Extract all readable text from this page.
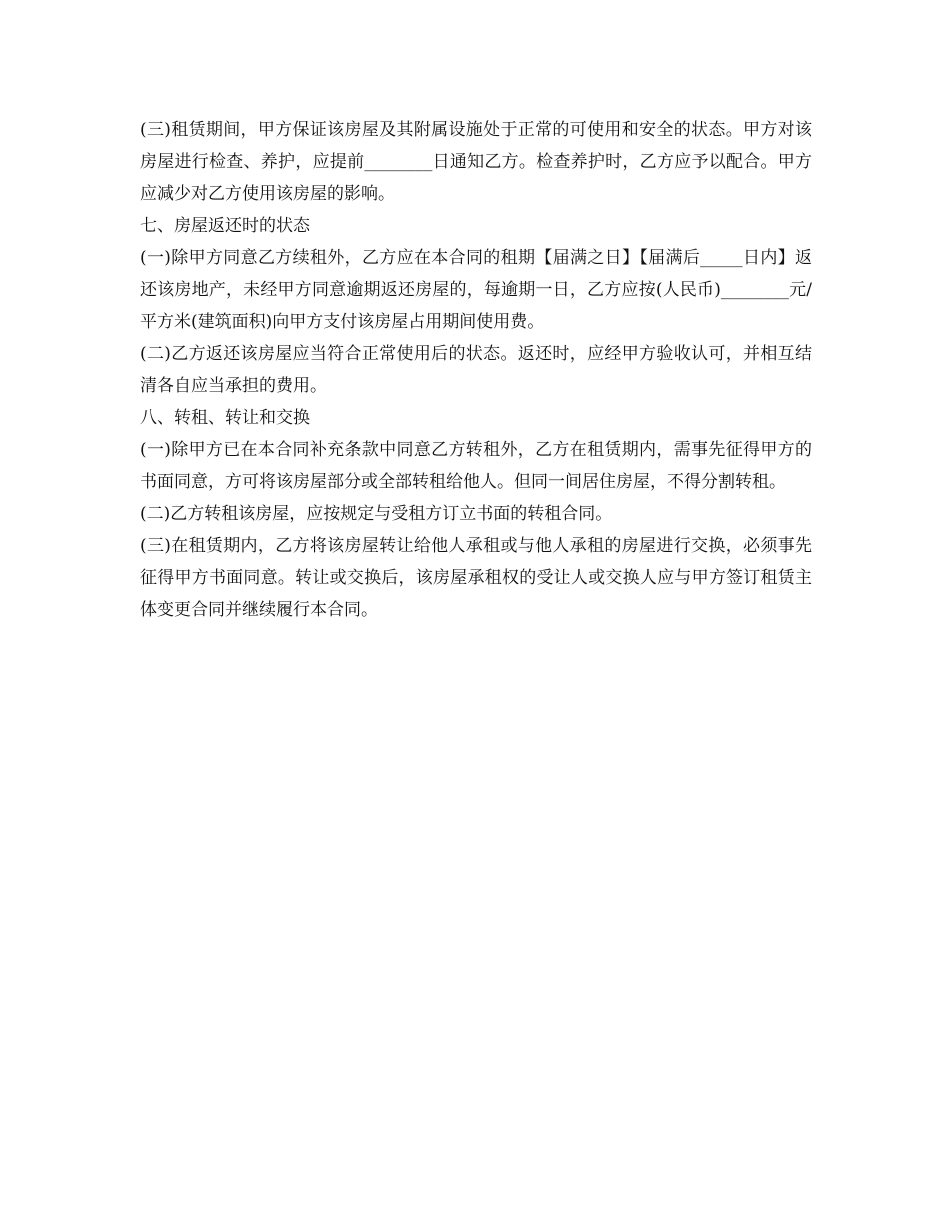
(三)租赁期间，甲方保证该房屋及其附属设施处于正常的可使用和安全的状态。甲方对该房屋进行检查、养护，应提前________日通知乙方。检查养护时，乙方应予以配合。甲方应减少对乙方使用该房屋的影响。

七、房屋返还时的状态

(一)除甲方同意乙方续租外，乙方应在本合同的租期【届满之日】【届满后_____日内】返还该房地产，未经甲方同意逾期返还房屋的，每逾期一日，乙方应按(人民币)________元/平方米(建筑面积)向甲方支付该房屋占用期间使用费。

(二)乙方返还该房屋应当符合正常使用后的状态。返还时，应经甲方验收认可，并相互结清各自应当承担的费用。

八、转租、转让和交换

(一)除甲方已在本合同补充条款中同意乙方转租外，乙方在租赁期内，需事先征得甲方的书面同意，方可将该房屋部分或全部转租给他人。但同一间居住房屋，不得分割转租。

(二)乙方转租该房屋，应按规定与受租方订立书面的转租合同。

(三)在租赁期内，乙方将该房屋转让给他人承租或与他人承租的房屋进行交换，必须事先征得甲方书面同意。转让或交换后，该房屋承租权的受让人或交换人应与甲方签订租赁主体变更合同并继续履行本合同。
